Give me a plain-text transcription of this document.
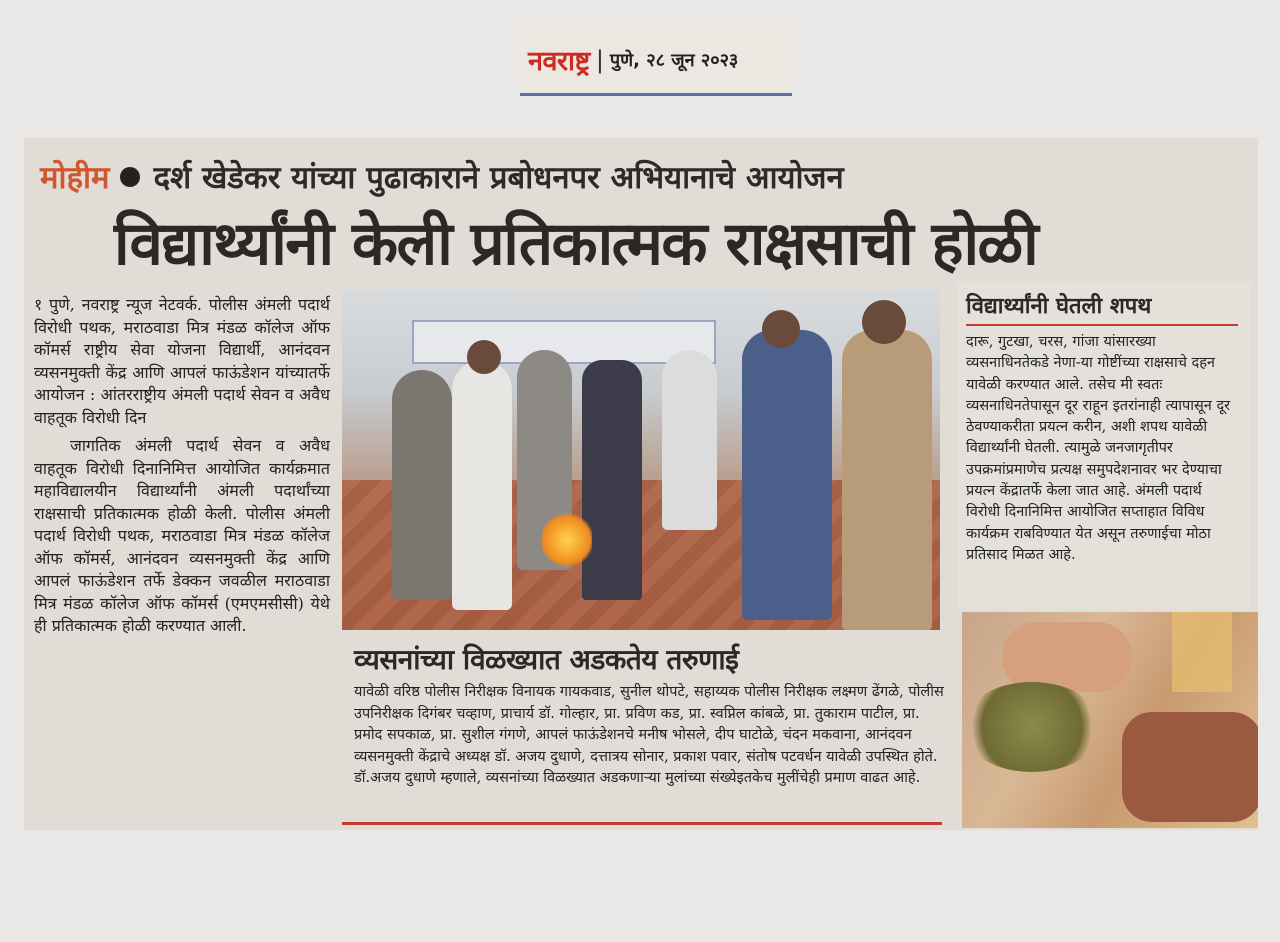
नवराष्ट्र | पुणे, २८ जून २०२३
मोहीम दर्श खेडेकर यांच्या पुढाकाराने प्रबोधनपर अभियानाचे आयोजन
विद्यार्थ्यांनी केली प्रतिकात्मक राक्षसाची होळी

१ पुणे, नवराष्ट्र न्यूज नेटवर्क. पोलीस अंमली पदार्थ विरोधी पथक, मराठवाडा मित्र मंडळ कॉलेज ऑफ कॉमर्स राष्ट्रीय सेवा योजना विद्यार्थी, आनंदवन व्यसनमुक्ती केंद्र आणि आपलं फाऊंडेशन यांच्यातर्फे आयोजन : आंतरराष्ट्रीय अंमली पदार्थ सेवन व अवैध वाहतूक विरोधी दिन

जागतिक अंमली पदार्थ सेवन व अवैध वाहतूक विरोधी दिनानिमित्त आयोजित कार्यक्रमात महाविद्यालयीन विद्यार्थ्यांनी अंमली पदार्थांच्या राक्षसाची प्रतिकात्मक होळी केली. पोलीस अंमली पदार्थ विरोधी पथक, मराठवाडा मित्र मंडळ कॉलेज ऑफ कॉमर्स, आनंदवन व्यसनमुक्ती केंद्र आणि आपलं फाऊंडेशन तर्फे डेक्कन जवळील मराठवाडा मित्र मंडळ कॉलेज ऑफ कॉमर्स (एमएमसीसी) येथे ही प्रतिकात्मक होळी करण्यात आली.

व्यसनांच्या विळख्यात अडकतेय तरुणाई

यावेळी वरिष्ठ पोलीस निरीक्षक विनायक गायकवाड, सुनील थोपटे, सहाय्यक पोलीस निरीक्षक लक्ष्मण ढेंगळे, पोलीस उपनिरीक्षक दिगंबर चव्हाण, प्राचार्य डॉ. गोल्हार, प्रा. प्रविण कड, प्रा. स्वप्निल कांबळे, प्रा. तुकाराम पाटील, प्रा. प्रमोद सपकाळ, प्रा. सुशील गंगणे, आपलं फाऊंडेशनचे मनीष भोसले, दीप घाटोळे, चंदन मकवाना, आनंदवन व्यसनमुक्ती केंद्राचे अध्यक्ष डॉ. अजय दुधाणे, दत्तात्रय सोनार, प्रकाश पवार, संतोष पटवर्धन यावेळी उपस्थित होते. डॉ.अजय दुधाणे म्हणाले, व्यसनांच्या विळख्यात अडकणाऱ्या मुलांच्या संख्येइतकेच मुलींचेही प्रमाण वाढत आहे.

विद्यार्थ्यांनी घेतली शपथ

दारू, गुटखा, चरस, गांजा यांसारख्या व्यसनाधिनतेकडे नेणा-या गोष्टींच्या राक्षसाचे दहन यावेळी करण्यात आले. तसेच मी स्वतः व्यसनाधिनतेपासून दूर राहून इतरांनाही त्यापासून दूर ठेवण्याकरीता प्रयत्न करीन, अशी शपथ यावेळी विद्यार्थ्यांनी घेतली. त्यामुळे जनजागृतीपर उपक्रमांप्रमाणेच प्रत्यक्ष समुपदेशनावर भर देण्याचा प्रयत्न केंद्रातर्फे केला जात आहे. अंमली पदार्थ विरोधी दिनानिमित्त आयोजित सप्ताहात विविध कार्यक्रम राबविण्यात येत असून तरुणाईचा मोठा प्रतिसाद मिळत आहे.
